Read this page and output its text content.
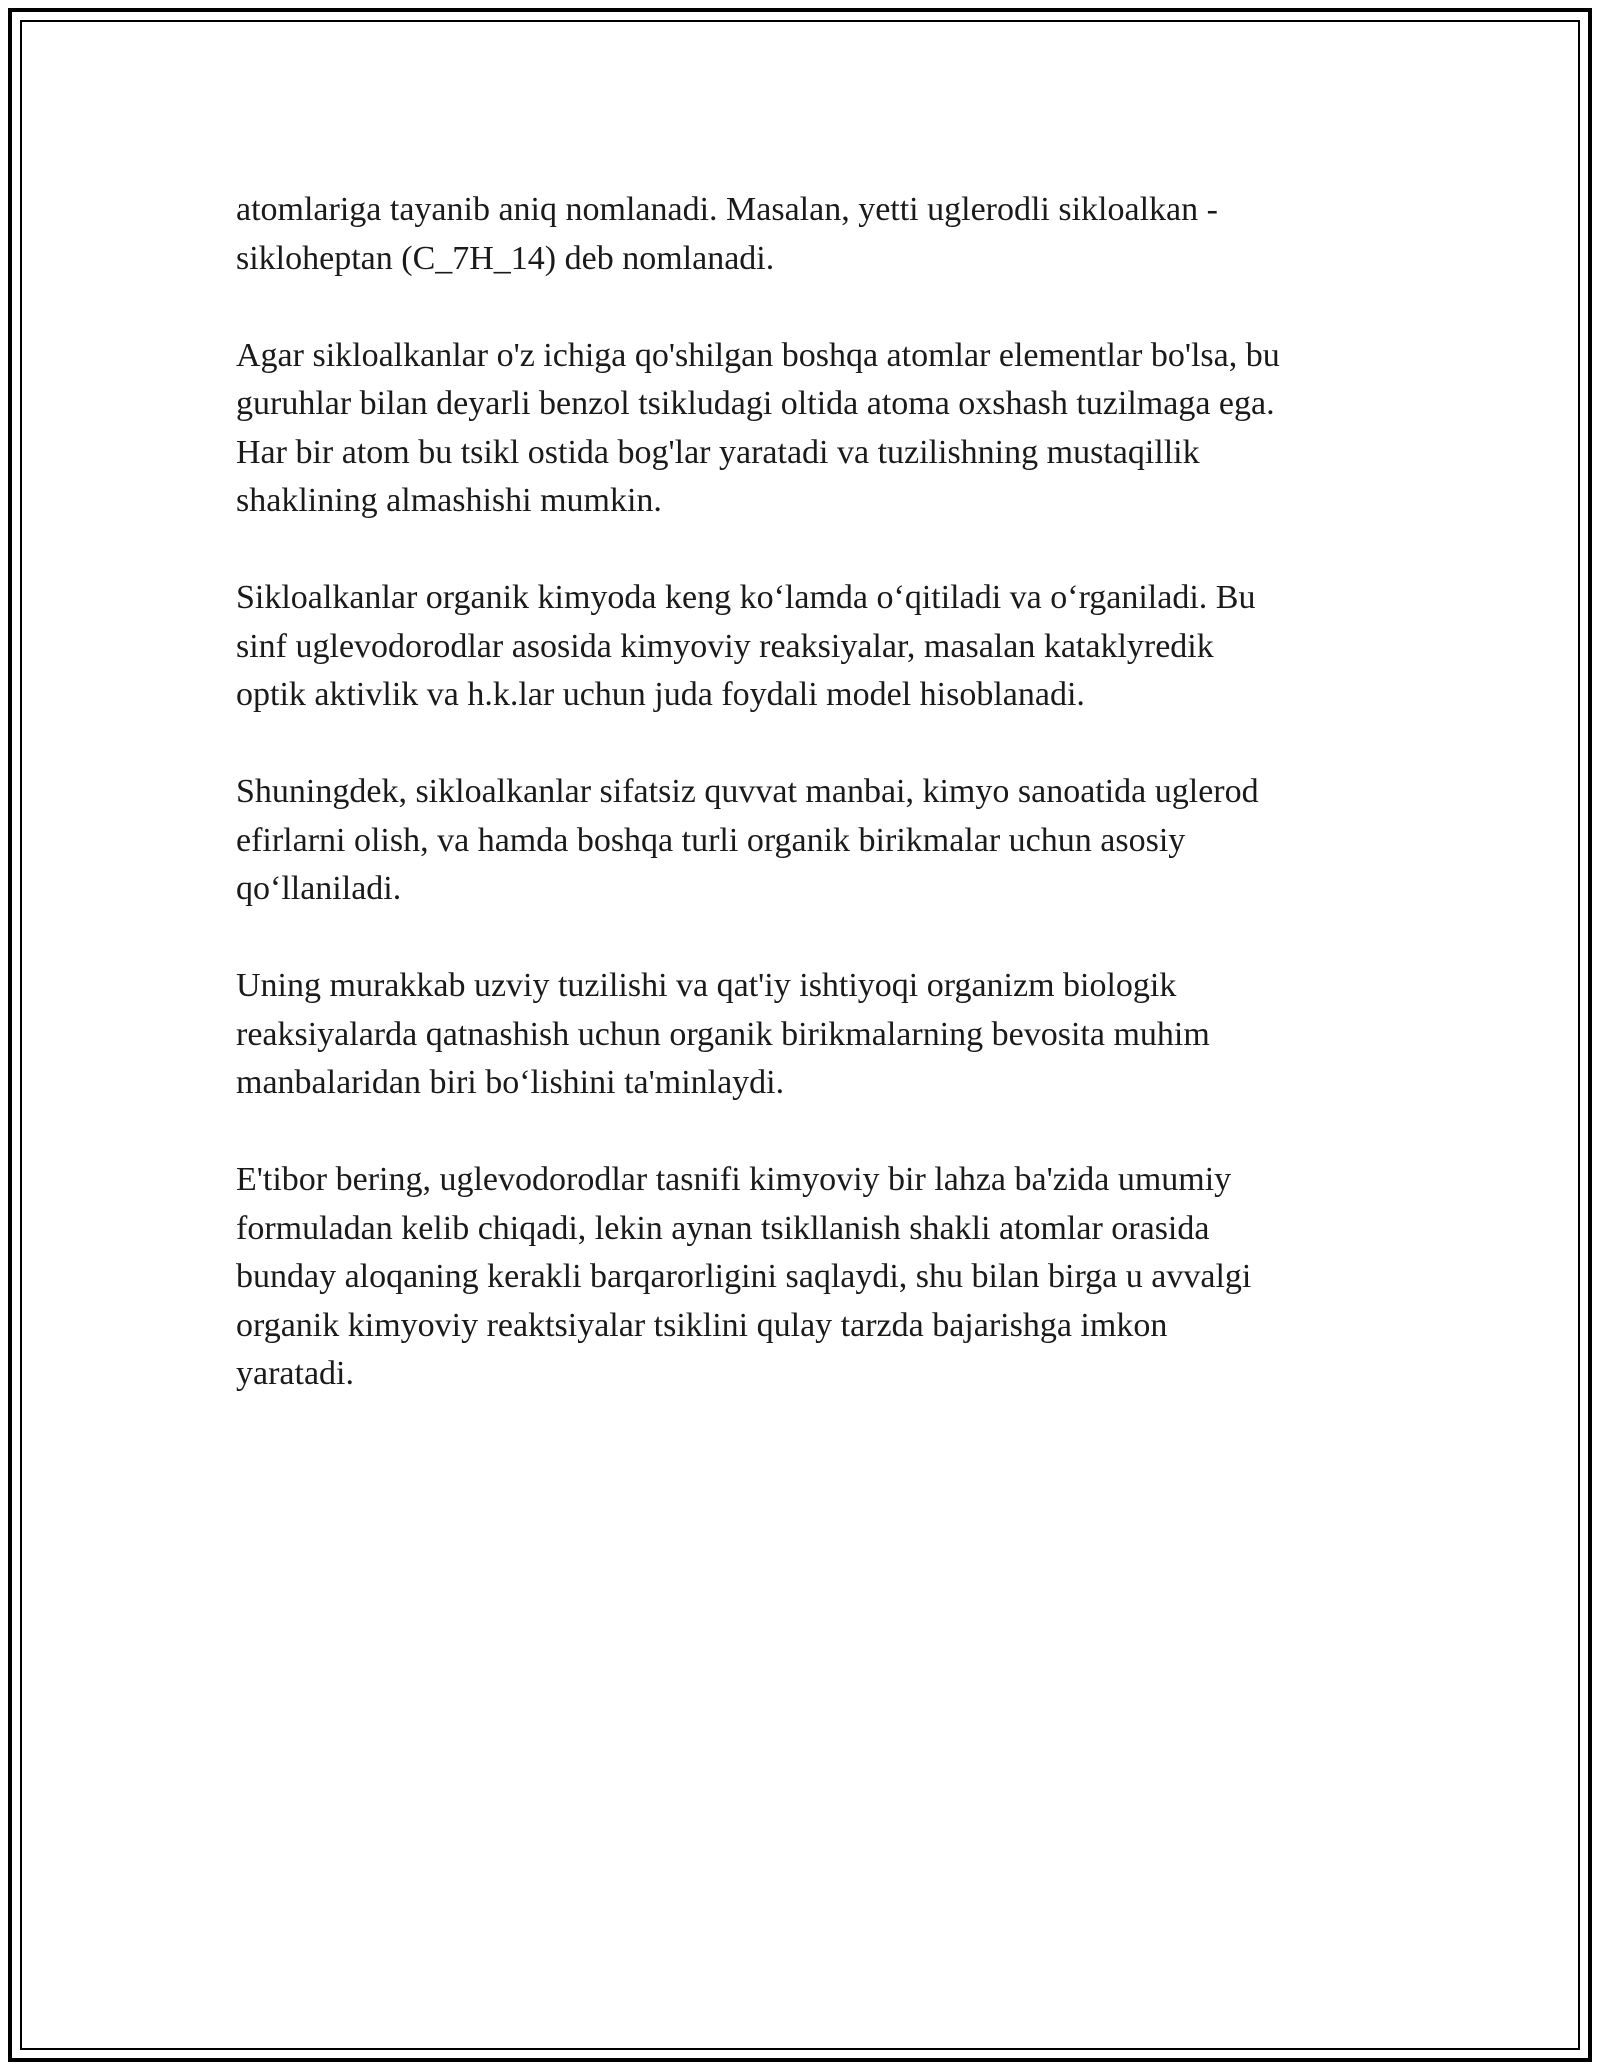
atomlariga tayanib aniq nomlanadi. Masalan, yetti uglerodli sikloalkan -
sikloheptan (C_7H_14) deb nomlanadi.

Agar sikloalkanlar o'z ichiga qo'shilgan boshqa atomlar elementlar bo'lsa, bu
guruhlar bilan deyarli benzol tsikludagi oltida atoma oxshash tuzilmaga ega.
Har bir atom bu tsikl ostida bog'lar yaratadi va tuzilishning mustaqillik
shaklining almashishi mumkin.

Sikloalkanlar organik kimyoda keng ko‘lamda o‘qitiladi va o‘rganiladi. Bu
sinf uglevodorodlar asosida kimyoviy reaksiyalar, masalan kataklyredik
optik aktivlik va h.k.lar uchun juda foydali model hisoblanadi.

Shuningdek, sikloalkanlar sifatsiz quvvat manbai, kimyo sanoatida uglerod
efirlarni olish, va hamda boshqa turli organik birikmalar uchun asosiy
qo‘llaniladi.

Uning murakkab uzviy tuzilishi va qat'iy ishtiyoqi organizm biologik
reaksiyalarda qatnashish uchun organik birikmalarning bevosita muhim
manbalaridan biri bo‘lishini ta'minlaydi.

E'tibor bering, uglevodorodlar tasnifi kimyoviy bir lahza ba'zida umumiy
formuladan kelib chiqadi, lekin aynan tsikllanish shakli atomlar orasida
bunday aloqaning kerakli barqarorligini saqlaydi, shu bilan birga u avvalgi
organik kimyoviy reaktsiyalar tsiklini qulay tarzda bajarishga imkon
yaratadi.
